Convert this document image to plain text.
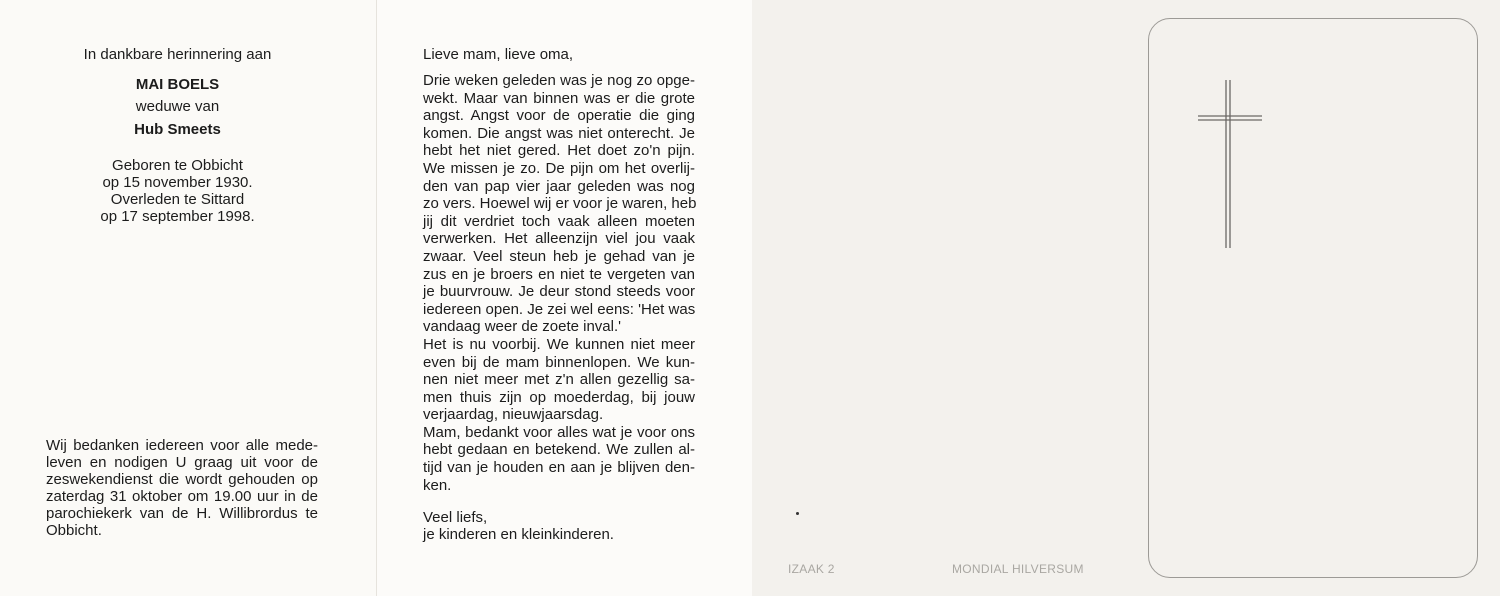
In dankbare herinnering aan
MAI BOELS
weduwe van
Hub Smeets
Geboren te Obbicht
op 15 november 1930.
Overleden te Sittard
op 17 september 1998.
Wij bedanken iedereen voor alle mede-
leven en nodigen U graag uit voor de
zeswekendienst die wordt gehouden op
zaterdag 31 oktober om 19.00 uur in de
parochiekerk van de H. Willibrordus te
Obbicht.
Lieve mam, lieve oma,
Drie weken geleden was je nog zo opge-
wekt. Maar van binnen was er die grote
angst. Angst voor de operatie die ging
komen. Die angst was niet onterecht. Je
hebt het niet gered. Het doet zo'n pijn.
We missen je zo. De pijn om het overlij-
den van pap vier jaar geleden was nog
zo vers. Hoewel wij er voor je waren, heb
jij dit verdriet toch vaak alleen moeten
verwerken. Het alleenzijn viel jou vaak
zwaar. Veel steun heb je gehad van je
zus en je broers en niet te vergeten van
je buurvrouw. Je deur stond steeds voor
iedereen open. Je zei wel eens: 'Het was
vandaag weer de zoete inval.'
Het is nu voorbij. We kunnen niet meer
even bij de mam binnenlopen. We kun-
nen niet meer met z'n allen gezellig sa-
men thuis zijn op moederdag, bij jouw
verjaardag, nieuwjaarsdag.
Mam, bedankt voor alles wat je voor ons
hebt gedaan en betekend. We zullen al-
tijd van je houden en aan je blijven den-
ken.
Veel liefs,
je kinderen en kleinkinderen.
IZAAK 2	MONDIAL HILVERSUM
